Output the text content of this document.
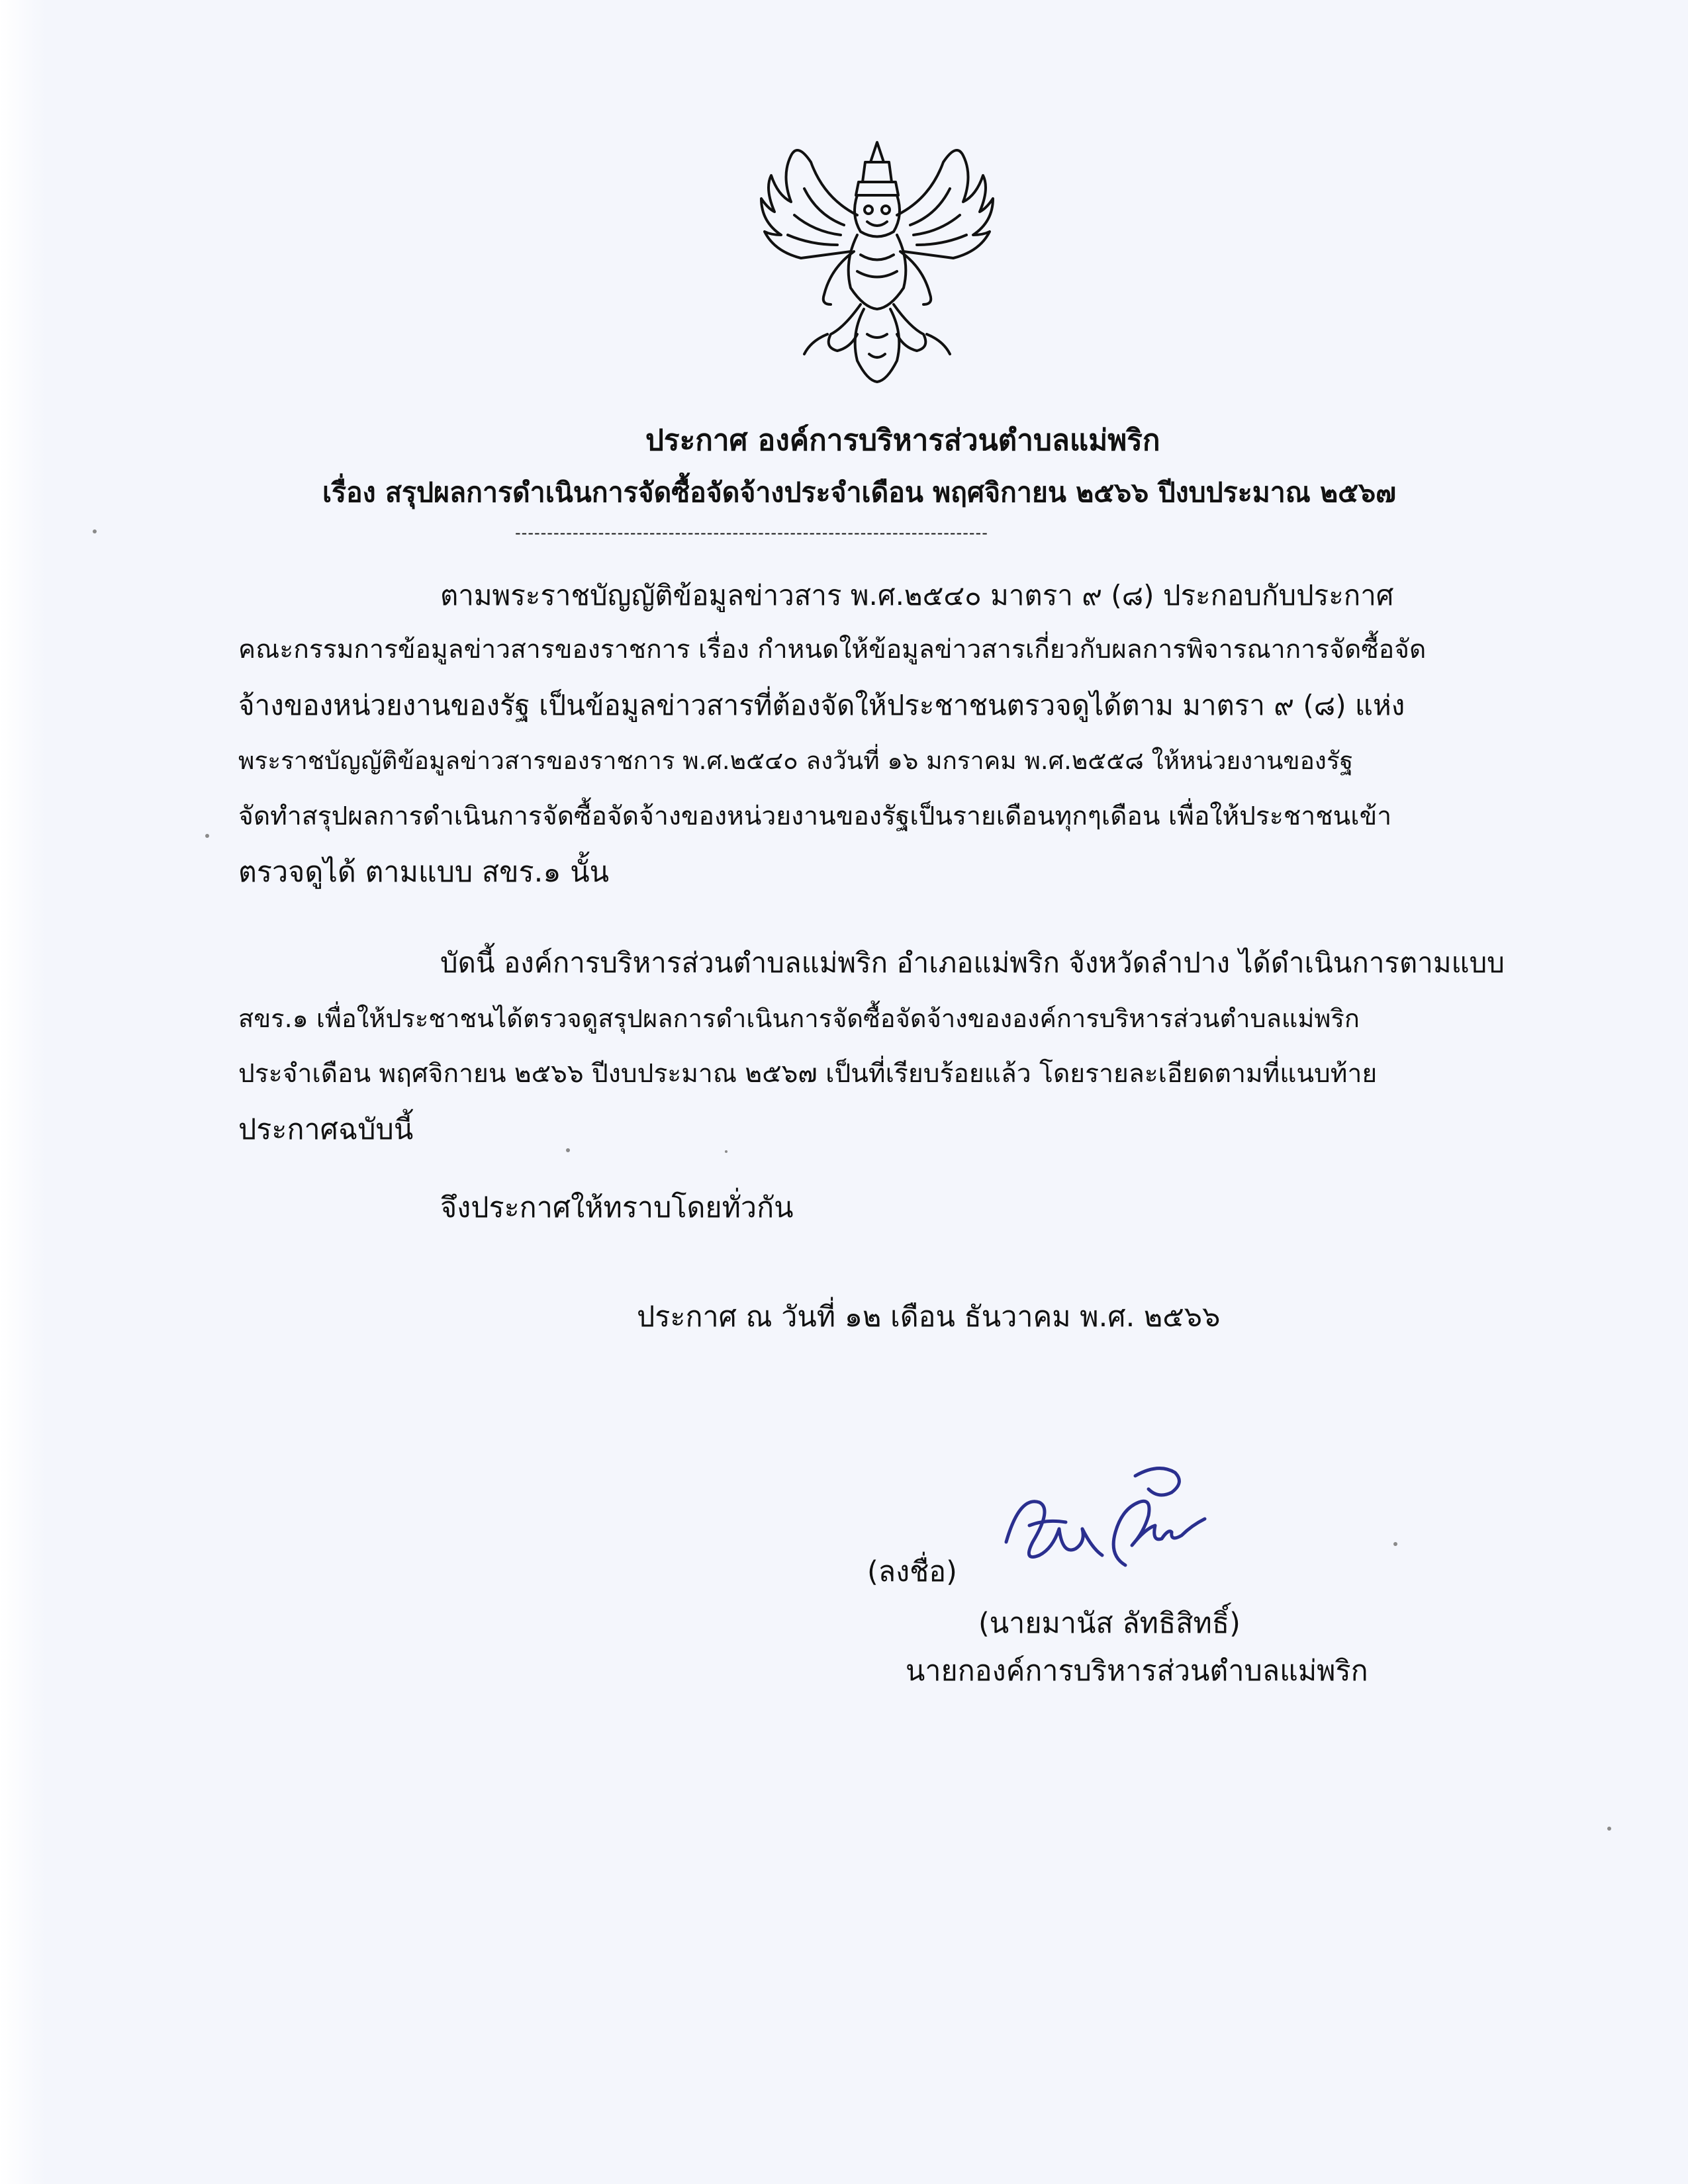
ประกาศ องค์การบริหารส่วนตำบลแม่พริก
เรื่อง สรุปผลการดำเนินการจัดซื้อจัดจ้างประจำเดือน พฤศจิกายน ๒๕๖๖ ปีงบประมาณ ๒๕๖๗
--------------------------------------------------------------------------
ตามพระราชบัญญัติข้อมูลข่าวสาร พ.ศ.๒๕๔๐ มาตรา ๙ (๘) ประกอบกับประกาศ
คณะกรรมการข้อมูลข่าวสารของราชการ เรื่อง กำหนดให้ข้อมูลข่าวสารเกี่ยวกับผลการพิจารณาการจัดซื้อจัด
จ้างของหน่วยงานของรัฐ เป็นข้อมูลข่าวสารที่ต้องจัดให้ประชาชนตรวจดูได้ตาม มาตรา ๙ (๘) แห่ง
พระราชบัญญัติข้อมูลข่าวสารของราชการ พ.ศ.๒๕๔๐ ลงวันที่ ๑๖ มกราคม พ.ศ.๒๕๕๘ ให้หน่วยงานของรัฐ
จัดทำสรุปผลการดำเนินการจัดซื้อจัดจ้างของหน่วยงานของรัฐเป็นรายเดือนทุกๆเดือน เพื่อให้ประชาชนเข้า
ตรวจดูได้ ตามแบบ สขร.๑ นั้น
บัดนี้ องค์การบริหารส่วนตำบลแม่พริก อำเภอแม่พริก จังหวัดลำปาง ได้ดำเนินการตามแบบ
สขร.๑ เพื่อให้ประชาชนได้ตรวจดูสรุปผลการดำเนินการจัดซื้อจัดจ้างขององค์การบริหารส่วนตำบลแม่พริก
ประจำเดือน พฤศจิกายน ๒๕๖๖ ปีงบประมาณ ๒๕๖๗ เป็นที่เรียบร้อยแล้ว โดยรายละเอียดตามที่แนบท้าย
ประกาศฉบับนี้
จึงประกาศให้ทราบโดยทั่วกัน
ประกาศ ณ วันที่ ๑๒ เดือน ธันวาคม พ.ศ. ๒๕๖๖
(ลงชื่อ)
(นายมานัส ลัทธิสิทธิ์)
นายกองค์การบริหารส่วนตำบลแม่พริก
